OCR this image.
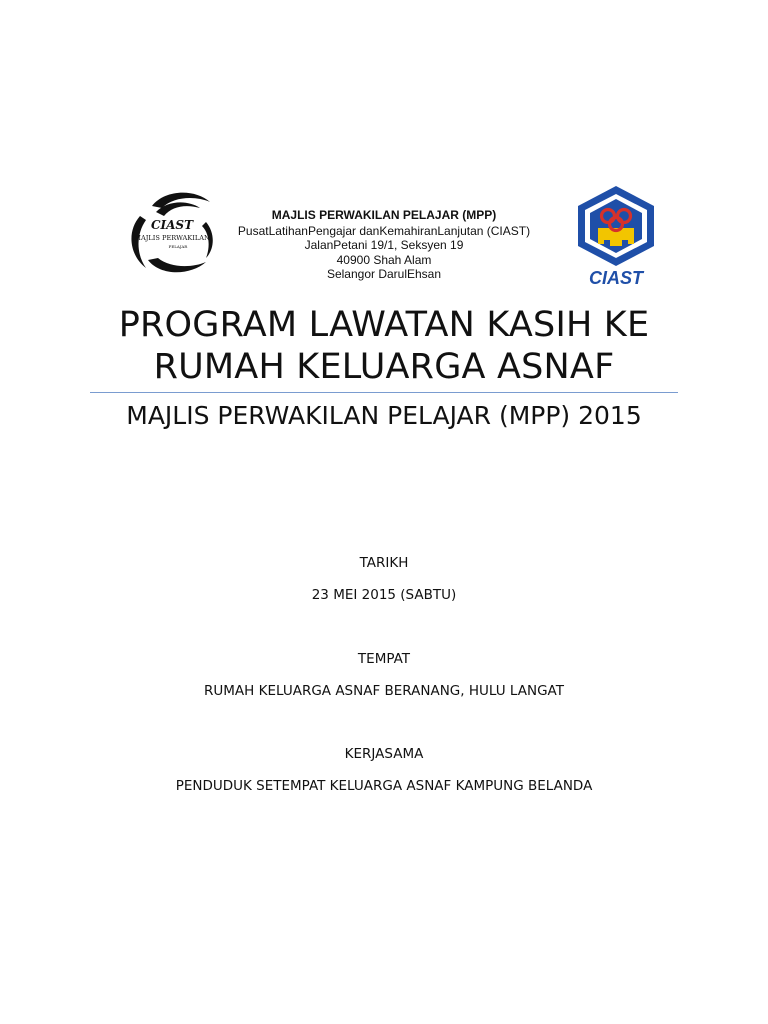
CIAST
MAJLIS PERWAKILAN
PELAJAR
MAJLIS PERWAKILAN PELAJAR (MPP)
PusatLatihanPengajar danKemahiranLanjutan (CIAST)
JalanPetani 19/1, Seksyen 19
40900 Shah Alam
Selangor DarulEhsan	CIAST
PROGRAM LAWATAN KASIH KE
RUMAH KELUARGA ASNAF
MAJLIS PERWAKILAN PELAJAR (MPP) 2015
TARIKH
23 MEI 2015 (SABTU)
TEMPAT
RUMAH KELUARGA ASNAF BERANANG, HULU LANGAT
KERJASAMA
PENDUDUK SETEMPAT KELUARGA ASNAF KAMPUNG BELANDA
